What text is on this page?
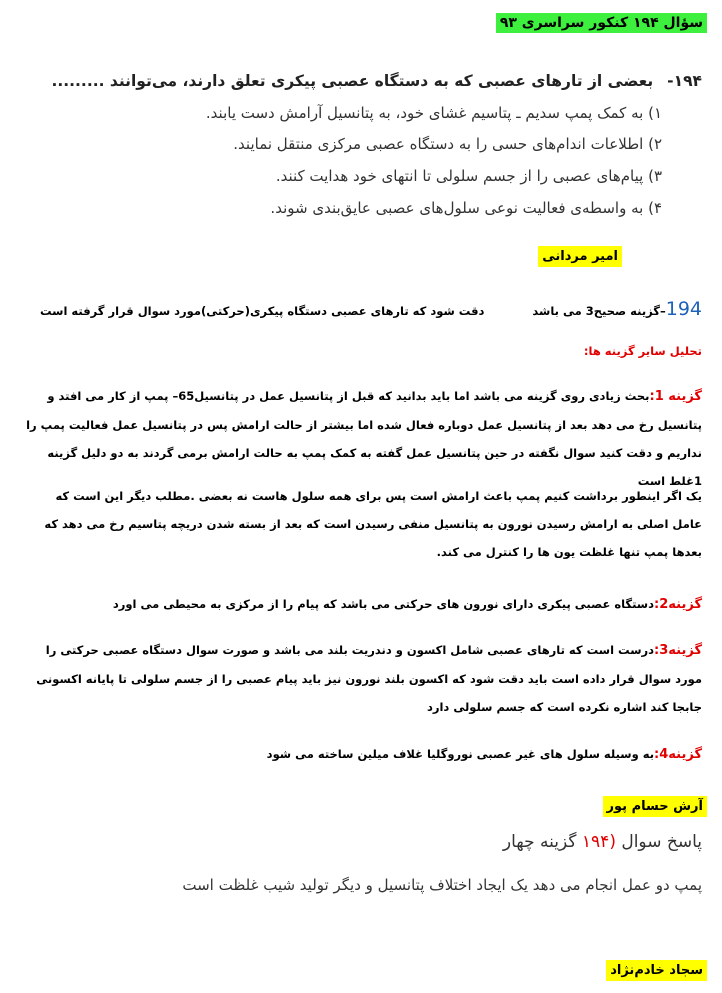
سؤال ۱۹۴ کنکور سراسری ۹۳
۱۹۴-
بعضی از تارهای عصبی که به دستگاه عصبی پیکری تعلق دارند، می‌توانند .........
۱) به کمک پمپ سدیم ـ پتاسیم غشای خود، به پتانسیل آرامش دست یابند.
۲) اطلاعات اندام‌های حسی را به دستگاه عصبی مرکزی منتقل نمایند.
۳) پیام‌های عصبی را از جسم سلولی تا انتهای خود هدایت کنند.
۴) به واسطه‌ی فعالیت نوعی سلول‌های عصبی عایق‌بندی شوند.
امیر مردانی
194
–گزینه صحیح3 می باشد
دقت شود که تارهای عصبی دستگاه پیکری(حرکتی)مورد سوال قرار گرفته است
تحلیل سایر گزینه ها:
گزینه 1:بحث زیادی روی گزینه می باشد اما باید بدانید که قبل از پتانسیل عمل در پتانسیل65– پمپ از کار می افتد و پتانسیل رخ می دهد بعد از پتانسیل عمل دوباره فعال شده اما بیشتر از حالت ارامش پس در پتانسیل عمل فعالیت پمپ را نداریم و دقت کنید سوال نگفته در حین پتانسیل عمل گفته به کمک پمپ به حالت ارامش برمی گردند به دو دلیل گزینه 1غلط است
یک اگر اینطور برداشت کنیم پمپ باعث ارامش است پس برای همه سلول هاست نه بعضی .مطلب دیگر این است که عامل اصلی به ارامش رسیدن نورون به پتانسیل منفی رسیدن است که بعد از بسته شدن دریچه پتاسیم رخ می دهد که بعدها پمپ تنها غلظت یون ها را کنترل می کند.
گزینه2:دستگاه عصبی پیکری دارای نورون های حرکتی می باشد که پیام را از مرکزی به محیطی می اورد
گزینه3:درست است که تارهای عصبی شامل اکسون و دندریت بلند می باشد و صورت سوال دستگاه عصبی حرکتی را مورد سوال قرار داده است باید دقت شود که اکسون بلند نورون نیز باید پیام عصبی را از جسم سلولی تا پایانه اکسونی جابجا کند اشاره نکرده است که جسم سلولی دارد
گزینه4:به وسیله سلول های غیر عصبی نوروگلیا غلاف میلین ساخته می شود
آرش حسام پور
پاسخ سوال (۱۹۴ گزینه چهار
پمپ دو عمل انجام می دهد یک ایجاد اختلاف پتانسیل و دیگر تولید شیب غلظت است
سجاد خادم‌نژاد
